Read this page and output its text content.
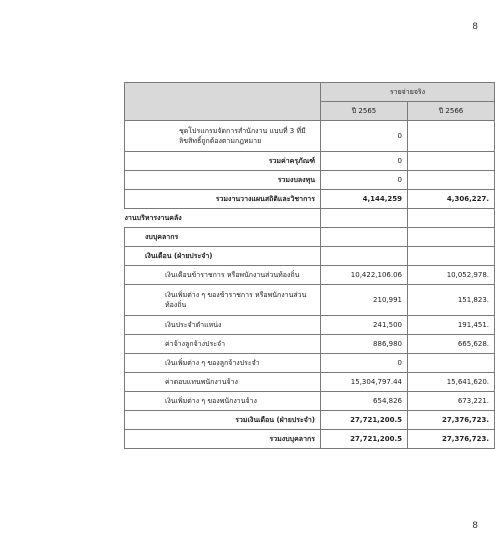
8
	รายจ่ายจริง	
	ปี 2565	ปี 2566
ชุดโปรแกรมจัดการสำนักงาน แบบที่ 3 ที่มีลิขสิทธิ์ถูกต้องตามกฎหมาย	0	
รวมค่าครุภัณฑ์	0	
รวมงบลงทุน	0	
รวมงานวางแผนสถิติและวิชาการ	4,144,259	4,306,227.
งานบริหารงานคลัง		
งบบุคลากร		
เงินเดือน (ฝ่ายประจำ)		
เงินเดือนข้าราชการ หรือพนักงานส่วนท้องถิ่น	10,422,106.06	10,052,978.
เงินเพิ่มต่าง ๆ ของข้าราชการ หรือพนักงานส่วนท้องถิ่น	210,991	151,823.
เงินประจำตำแหน่ง	241,500	191,451.
ค่าจ้างลูกจ้างประจำ	886,980	665,628.
เงินเพิ่มต่าง ๆ ของลูกจ้างประจำ	0	
ค่าตอบแทนพนักงานจ้าง	15,304,797.44	15,641,620.
เงินเพิ่มต่าง ๆ ของพนักงานจ้าง	654,826	673,221.
รวมเงินเดือน (ฝ่ายประจำ)	27,721,200.5	27,376,723.
รวมงบบุคลากร	27,721,200.5	27,376,723.
8
